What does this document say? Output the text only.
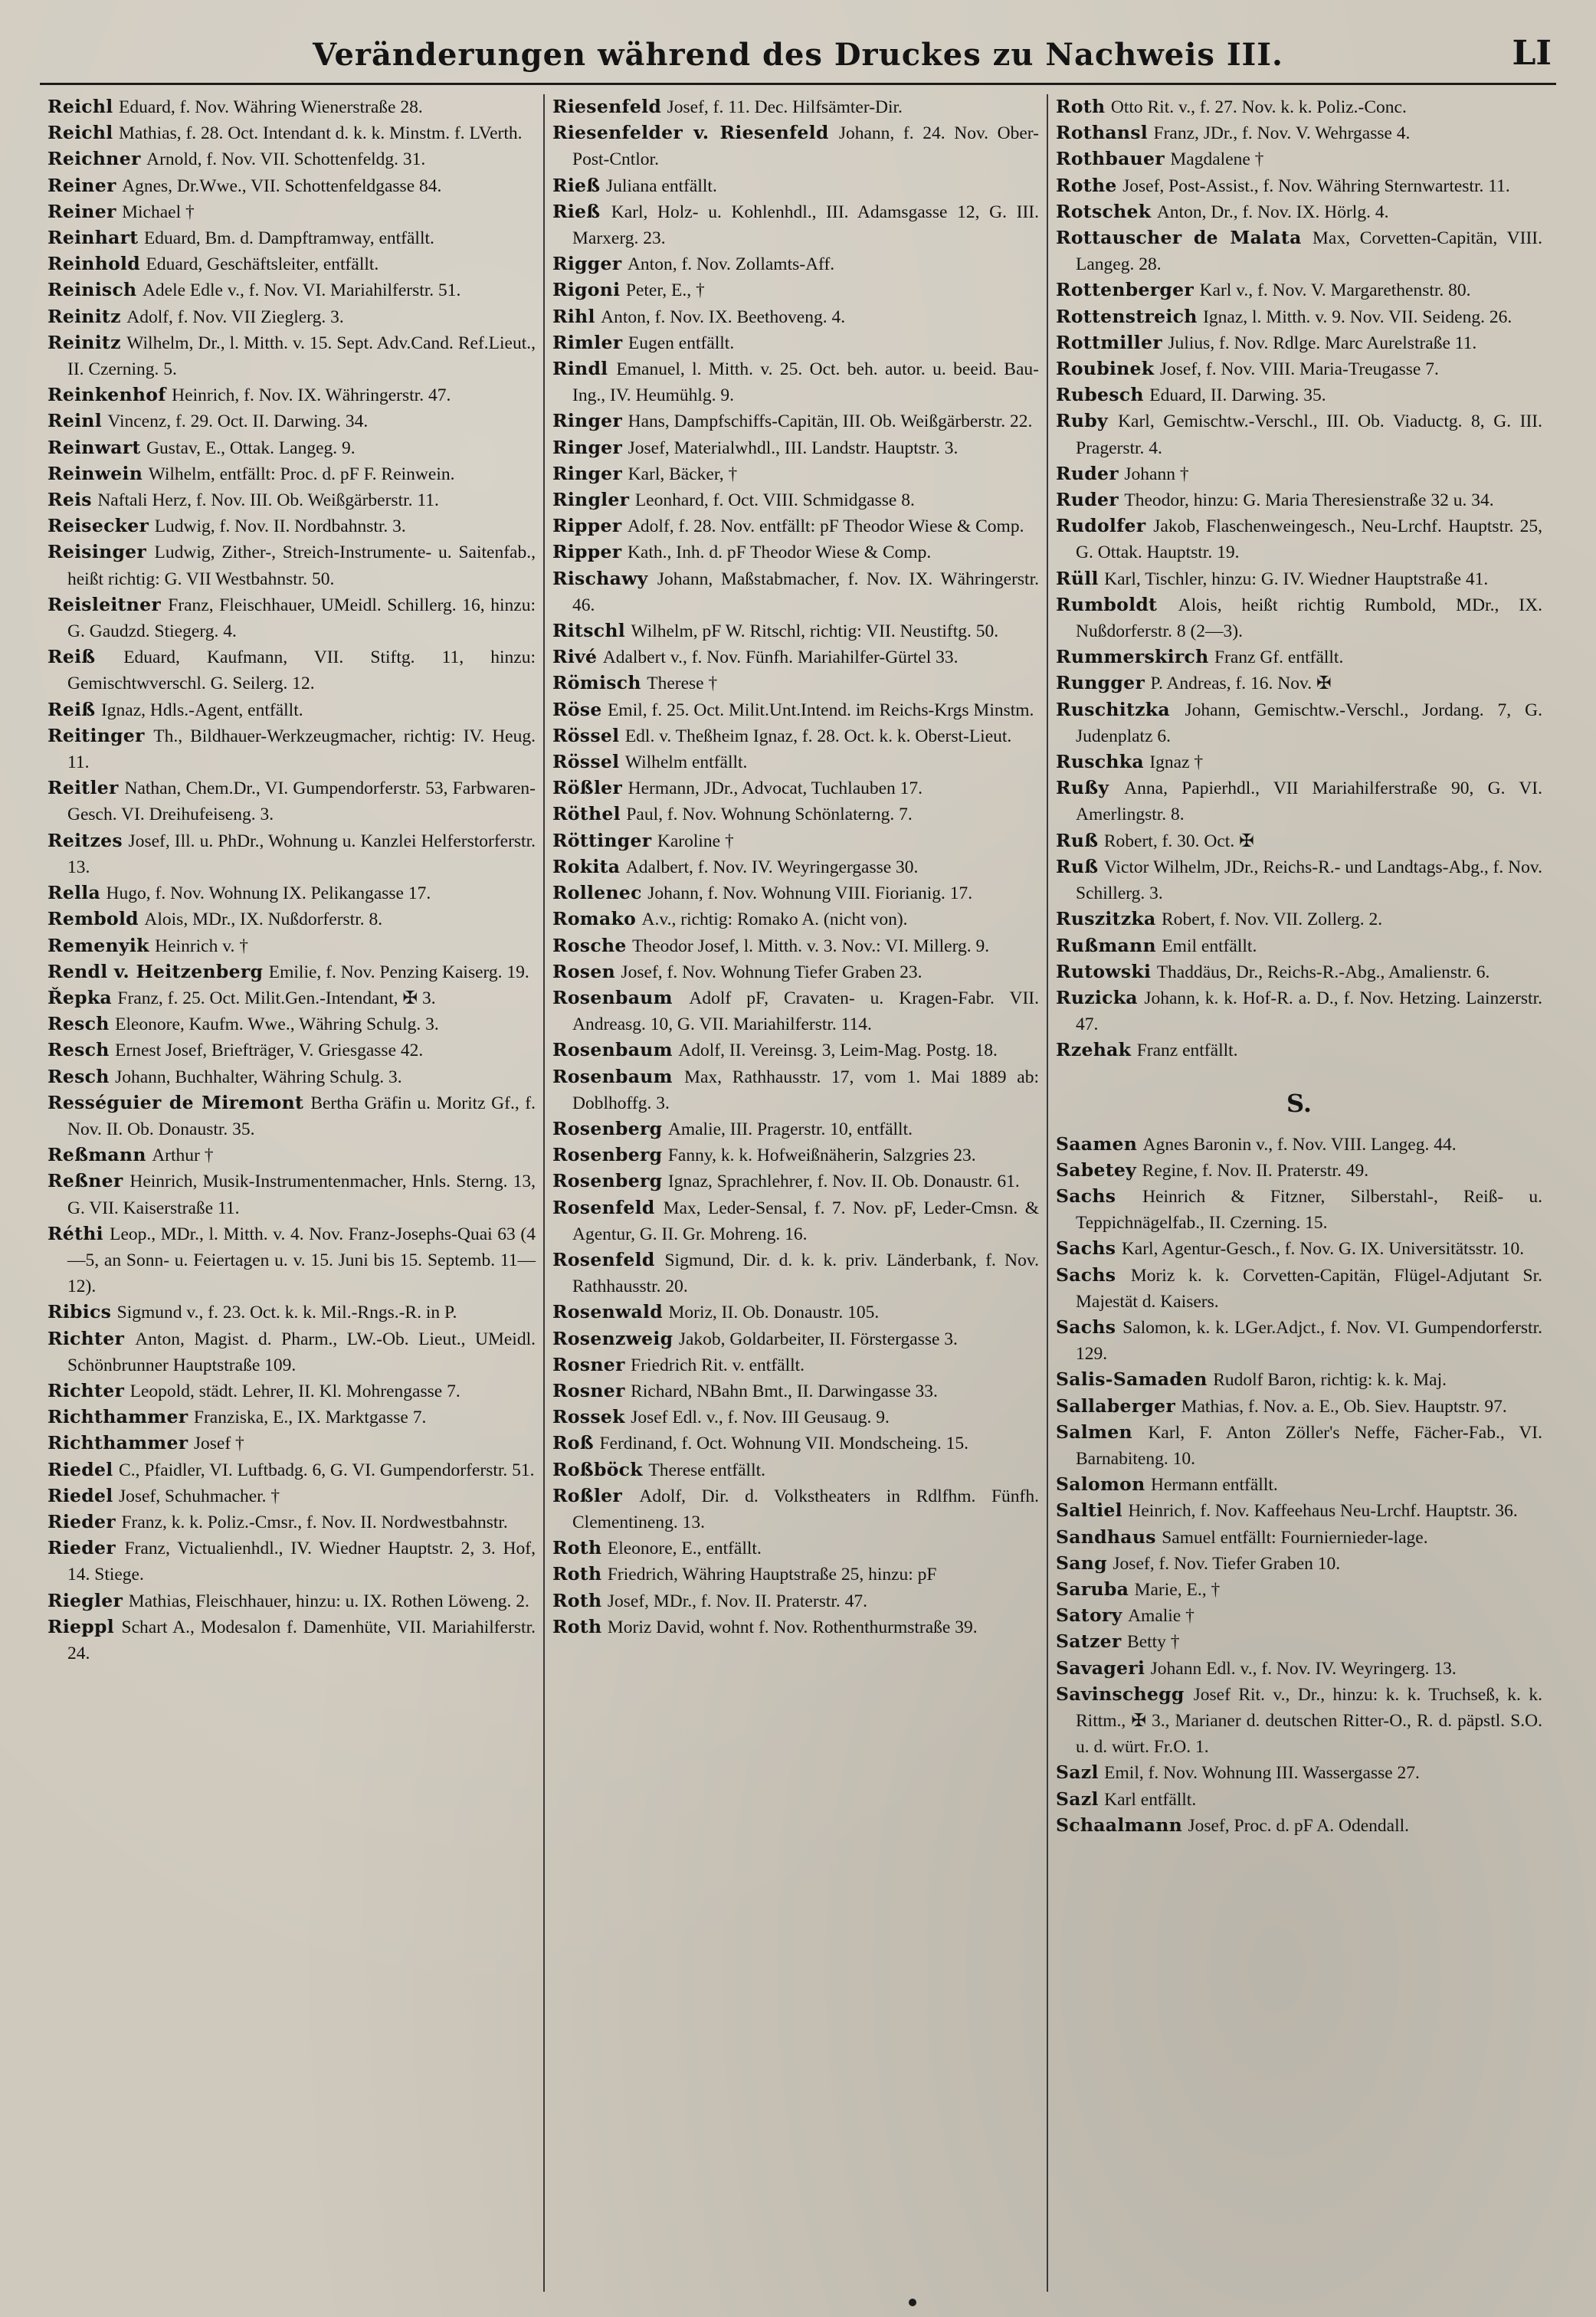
Veränderungen während des Druckes zu Nachweis III.	LI

Reichl Eduard, f. Nov. Währing Wienerstraße 28.

Reichl Mathias, f. 28. Oct. Intendant d. k. k. Minstm. f. LVerth.

Reichner Arnold, f. Nov. VII. Schottenfeldg. 31.

Reiner Agnes, Dr.Wwe., VII. Schottenfeldgasse 84.

Reiner Michael †

Reinhart Eduard, Bm. d. Dampftramway, entfällt.

Reinhold Eduard, Geschäftsleiter, entfällt.

Reinisch Adele Edle v., f. Nov. VI. Mariahilferstr. 51.

Reinitz Adolf, f. Nov. VII Zieglerg. 3.

Reinitz Wilhelm, Dr., l. Mitth. v. 15. Sept. Adv.Cand. Ref.Lieut., II. Czerning. 5.

Reinkenhof Heinrich, f. Nov. IX. Währingerstr. 47.

Reinl Vincenz, f. 29. Oct. II. Darwing. 34.

Reinwart Gustav, E., Ottak. Langeg. 9.

Reinwein Wilhelm, entfällt: Proc. d. pF F. Reinwein.

Reis Naftali Herz, f. Nov. III. Ob. Weißgärberstr. 11.

Reisecker Ludwig, f. Nov. II. Nordbahnstr. 3.

Reisinger Ludwig, Zither-, Streich-Instrumente- u. Saitenfab., heißt richtig: G. VII Westbahnstr. 50.

Reisleitner Franz, Fleischhauer, UMeidl. Schillerg. 16, hinzu: G. Gaudzd. Stiegerg. 4.

Reiß Eduard, Kaufmann, VII. Stiftg. 11, hinzu: Gemischtwverschl. G. Seilerg. 12.

Reiß Ignaz, Hdls.-Agent, entfällt.

Reitinger Th., Bildhauer-Werkzeugmacher, richtig: IV. Heug. 11.

Reitler Nathan, Chem.Dr., VI. Gumpendorferstr. 53, Farbwaren-Gesch. VI. Dreihufeiseng. 3.

Reitzes Josef, Ill. u. PhDr., Wohnung u. Kanzlei Helferstorferstr. 13.

Rella Hugo, f. Nov. Wohnung IX. Pelikangasse 17.

Rembold Alois, MDr., IX. Nußdorferstr. 8.

Remenyik Heinrich v. †

Rendl v. Heitzenberg Emilie, f. Nov. Penzing Kaiserg. 19.

Řepka Franz, f. 25. Oct. Milit.Gen.-Intendant, ✠ 3.

Resch Eleonore, Kaufm. Wwe., Währing Schulg. 3.

Resch Ernest Josef, Briefträger, V. Griesgasse 42.

Resch Johann, Buchhalter, Währing Schulg. 3.

Rességuier de Miremont Bertha Gräfin u. Moritz Gf., f. Nov. II. Ob. Donaustr. 35.

Reßmann Arthur †

Reßner Heinrich, Musik-Instrumentenmacher, Hnls. Sterng. 13, G. VII. Kaiserstraße 11.

Réthi Leop., MDr., l. Mitth. v. 4. Nov. Franz-Josephs-Quai 63 (4—5, an Sonn- u. Feiertagen u. v. 15. Juni bis 15. Septemb. 11—12).

Ribics Sigmund v., f. 23. Oct. k. k. Mil.-Rngs.-R. in P.

Richter Anton, Magist. d. Pharm., LW.-Ob. Lieut., UMeidl. Schönbrunner Hauptstraße 109.

Richter Leopold, städt. Lehrer, II. Kl. Mohrengasse 7.

Richthammer Franziska, E., IX. Marktgasse 7.

Richthammer Josef †

Riedel C., Pfaidler, VI. Luftbadg. 6, G. VI. Gumpendorferstr. 51.

Riedel Josef, Schuhmacher. †

Rieder Franz, k. k. Poliz.-Cmsr., f. Nov. II. Nordwestbahnstr.

Rieder Franz, Victualienhdl., IV. Wiedner Hauptstr. 2, 3. Hof, 14. Stiege.

Riegler Mathias, Fleischhauer, hinzu: u. IX. Rothen Löweng. 2.

Rieppl Schart A., Modesalon f. Damenhüte, VII. Mariahilferstr. 24.

Riesenfeld Josef, f. 11. Dec. Hilfsämter-Dir.

Riesenfelder v. Riesenfeld Johann, f. 24. Nov. Ober-Post-Cntlor.

Rieß Juliana entfällt.

Rieß Karl, Holz- u. Kohlenhdl., III. Adamsgasse 12, G. III. Marxerg. 23.

Rigger Anton, f. Nov. Zollamts-Aff.

Rigoni Peter, E., †

Rihl Anton, f. Nov. IX. Beethoveng. 4.

Rimler Eugen entfällt.

Rindl Emanuel, l. Mitth. v. 25. Oct. beh. autor. u. beeid. Bau-Ing., IV. Heumühlg. 9.

Ringer Hans, Dampfschiffs-Capitän, III. Ob. Weißgärberstr. 22.

Ringer Josef, Materialwhdl., III. Landstr. Hauptstr. 3.

Ringer Karl, Bäcker, †

Ringler Leonhard, f. Oct. VIII. Schmidgasse 8.

Ripper Adolf, f. 28. Nov. entfällt: pF Theodor Wiese & Comp.

Ripper Kath., Inh. d. pF Theodor Wiese & Comp.

Rischawy Johann, Maßstabmacher, f. Nov. IX. Währingerstr. 46.

Ritschl Wilhelm, pF W. Ritschl, richtig: VII. Neustiftg. 50.

Rivé Adalbert v., f. Nov. Fünfh. Mariahilfer-Gürtel 33.

Römisch Therese †

Röse Emil, f. 25. Oct. Milit.Unt.Intend. im Reichs-Krgs Minstm.

Rössel Edl. v. Theßheim Ignaz, f. 28. Oct. k. k. Oberst-Lieut.

Rössel Wilhelm entfällt.

Rößler Hermann, JDr., Advocat, Tuchlauben 17.

Röthel Paul, f. Nov. Wohnung Schönlaterng. 7.

Röttinger Karoline †

Rokita Adalbert, f. Nov. IV. Weyringergasse 30.

Rollenec Johann, f. Nov. Wohnung VIII. Fiorianig. 17.

Romako A.v., richtig: Romako A. (nicht von).

Rosche Theodor Josef, l. Mitth. v. 3. Nov.: VI. Millerg. 9.

Rosen Josef, f. Nov. Wohnung Tiefer Graben 23.

Rosenbaum Adolf pF, Cravaten- u. Kragen-Fabr. VII. Andreasg. 10, G. VII. Mariahilferstr. 114.

Rosenbaum Adolf, II. Vereinsg. 3, Leim-Mag. Postg. 18.

Rosenbaum Max, Rathhausstr. 17, vom 1. Mai 1889 ab: Doblhoffg. 3.

Rosenberg Amalie, III. Pragerstr. 10, entfällt.

Rosenberg Fanny, k. k. Hofweißnäherin, Salzgries 23.

Rosenberg Ignaz, Sprachlehrer, f. Nov. II. Ob. Donaustr. 61.

Rosenfeld Max, Leder-Sensal, f. 7. Nov. pF, Leder-Cmsn. & Agentur, G. II. Gr. Mohreng. 16.

Rosenfeld Sigmund, Dir. d. k. k. priv. Länderbank, f. Nov. Rathhausstr. 20.

Rosenwald Moriz, II. Ob. Donaustr. 105.

Rosenzweig Jakob, Goldarbeiter, II. Förstergasse 3.

Rosner Friedrich Rit. v. entfällt.

Rosner Richard, NBahn Bmt., II. Darwingasse 33.

Rossek Josef Edl. v., f. Nov. III Geusaug. 9.

Roß Ferdinand, f. Oct. Wohnung VII. Mondscheing. 15.

Roßböck Therese entfällt.

Roßler Adolf, Dir. d. Volkstheaters in Rdlfhm. Fünfh. Clementineng. 13.

Roth Eleonore, E., entfällt.

Roth Friedrich, Währing Hauptstraße 25, hinzu: pF

Roth Josef, MDr., f. Nov. II. Praterstr. 47.

Roth Moriz David, wohnt f. Nov. Rothenthurmstraße 39.

Roth Otto Rit. v., f. 27. Nov. k. k. Poliz.-Conc.

Rothansl Franz, JDr., f. Nov. V. Wehrgasse 4.

Rothbauer Magdalene †

Rothe Josef, Post-Assist., f. Nov. Währing Sternwartestr. 11.

Rotschek Anton, Dr., f. Nov. IX. Hörlg. 4.

Rottauscher de Malata Max, Corvetten-Capitän, VIII. Langeg. 28.

Rottenberger Karl v., f. Nov. V. Margarethenstr. 80.

Rottenstreich Ignaz, l. Mitth. v. 9. Nov. VII. Seideng. 26.

Rottmiller Julius, f. Nov. Rdlge. Marc Aurelstraße 11.

Roubinek Josef, f. Nov. VIII. Maria-Treugasse 7.

Rubesch Eduard, II. Darwing. 35.

Ruby Karl, Gemischtw.-Verschl., III. Ob. Viaductg. 8, G. III. Pragerstr. 4.

Ruder Johann †

Ruder Theodor, hinzu: G. Maria Theresienstraße 32 u. 34.

Rudolfer Jakob, Flaschenweingesch., Neu-Lrchf. Hauptstr. 25, G. Ottak. Hauptstr. 19.

Rüll Karl, Tischler, hinzu: G. IV. Wiedner Hauptstraße 41.

Rumboldt Alois, heißt richtig Rumbold, MDr., IX. Nußdorferstr. 8 (2—3).

Rummerskirch Franz Gf. entfällt.

Rungger P. Andreas, f. 16. Nov. ✠

Ruschitzka Johann, Gemischtw.-Verschl., Jordang. 7, G. Judenplatz 6.

Ruschka Ignaz †

Rußy Anna, Papierhdl., VII Mariahilferstraße 90, G. VI. Amerlingstr. 8.

Ruß Robert, f. 30. Oct. ✠

Ruß Victor Wilhelm, JDr., Reichs-R.- und Landtags-Abg., f. Nov. Schillerg. 3.

Ruszitzka Robert, f. Nov. VII. Zollerg. 2.

Rußmann Emil entfällt.

Rutowski Thaddäus, Dr., Reichs-R.-Abg., Amalienstr. 6.

Ruzicka Johann, k. k. Hof-R. a. D., f. Nov. Hetzing. Lainzerstr. 47.

Rzehak Franz entfällt.

S.

Saamen Agnes Baronin v., f. Nov. VIII. Langeg. 44.

Sabetey Regine, f. Nov. II. Praterstr. 49.

Sachs Heinrich & Fitzner, Silberstahl-, Reiß- u. Teppichnägelfab., II. Czerning. 15.

Sachs Karl, Agentur-Gesch., f. Nov. G. IX. Universitätsstr. 10.

Sachs Moriz k. k. Corvetten-Capitän, Flügel-Adjutant Sr. Majestät d. Kaisers.

Sachs Salomon, k. k. LGer.Adjct., f. Nov. VI. Gumpendorferstr. 129.

Salis-Samaden Rudolf Baron, richtig: k. k. Maj.

Sallaberger Mathias, f. Nov. a. E., Ob. Siev. Hauptstr. 97.

Salmen Karl, F. Anton Zöller's Neffe, Fächer-Fab., VI. Barnabiteng. 10.

Salomon Hermann entfällt.

Saltiel Heinrich, f. Nov. Kaffeehaus Neu-Lrchf. Hauptstr. 36.

Sandhaus Samuel entfällt: Fourniernieder-lage.

Sang Josef, f. Nov. Tiefer Graben 10.

Saruba Marie, E., †

Satory Amalie †

Satzer Betty †

Savageri Johann Edl. v., f. Nov. IV. Weyringerg. 13.

Savinschegg Josef Rit. v., Dr., hinzu: k. k. Truchseß, k. k. Rittm., ✠ 3., Marianer d. deutschen Ritter-O., R. d. päpstl. S.O. u. d. würt. Fr.O. 1.

Sazl Emil, f. Nov. Wohnung III. Wassergasse 27.

Sazl Karl entfällt.

Schaalmann Josef, Proc. d. pF A. Odendall.
